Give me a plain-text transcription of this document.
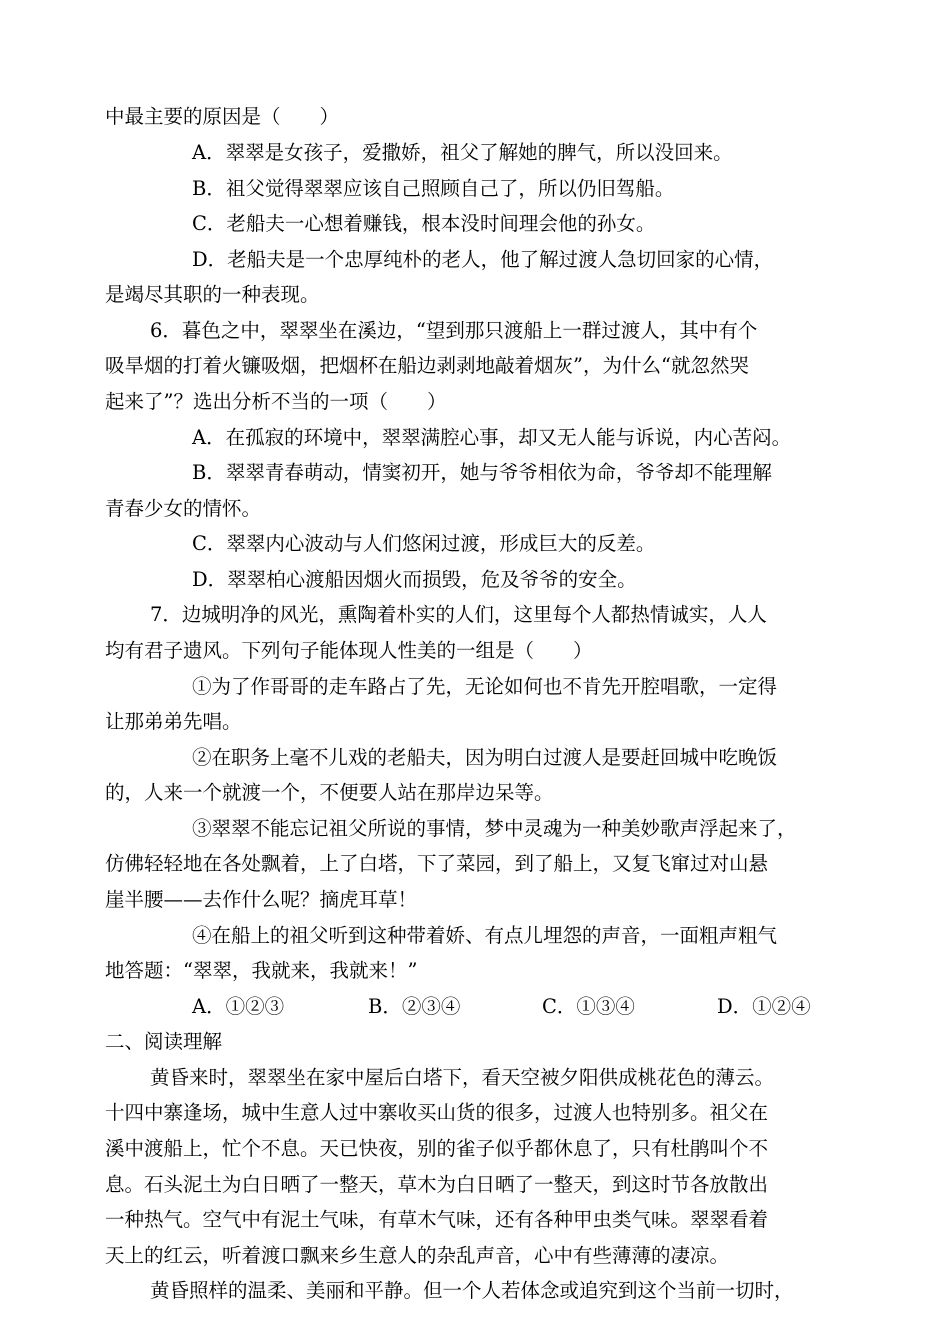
中最主要的原因是（　　）
A．翠翠是女孩子，爱撒娇，祖父了解她的脾气，所以没回来。
B．祖父觉得翠翠应该自己照顾自己了，所以仍旧驾船。
C．老船夫一心想着赚钱，根本没时间理会他的孙女。
D．老船夫是一个忠厚纯朴的老人，他了解过渡人急切回家的心情，
是竭尽其职的一种表现。
6．暮色之中，翠翠坐在溪边，“望到那只渡船上一群过渡人，其中有个
吸旱烟的打着火镰吸烟，把烟杯在船边剥剥地敲着烟灰”，为什么“就忽然哭
起来了”？选出分析不当的一项（　　）
A．在孤寂的环境中，翠翠满腔心事，却又无人能与诉说，内心苦闷。
B．翠翠青春萌动，情窦初开，她与爷爷相依为命，爷爷却不能理解
青春少女的情怀。
C．翠翠内心波动与人们悠闲过渡，形成巨大的反差。
D．翠翠柏心渡船因烟火而损毁，危及爷爷的安全。
7．边城明净的风光，熏陶着朴实的人们，这里每个人都热情诚实，人人
均有君子遗风。下列句子能体现人性美的一组是（　　）
①为了作哥哥的走车路占了先，无论如何也不肯先开腔唱歌，一定得
让那弟弟先唱。
②在职务上毫不儿戏的老船夫，因为明白过渡人是要赶回城中吃晚饭
的，人来一个就渡一个，不便要人站在那岸边呆等。
③翠翠不能忘记祖父所说的事情，梦中灵魂为一种美妙歌声浮起来了，
仿佛轻轻地在各处飘着，上了白塔，下了菜园，到了船上，又复飞窜过对山悬
崖半腰——去作什么呢？摘虎耳草！
④在船上的祖父听到这种带着娇、有点儿埋怨的声音，一面粗声粗气
地答题：“翠翠，我就来，我就来！”
A．①②③	B．②③④	C．①③④	D．①②④
二、阅读理解
黄昏来时，翠翠坐在家中屋后白塔下，看天空被夕阳供成桃花色的薄云。
十四中寨逢场，城中生意人过中寨收买山货的很多，过渡人也特别多。祖父在
溪中渡船上，忙个不息。天已快夜，别的雀子似乎都休息了，只有杜鹃叫个不
息。石头泥土为白日晒了一整天，草木为白日晒了一整天，到这时节各放散出
一种热气。空气中有泥土气味，有草木气味，还有各种甲虫类气味。翠翠看着
天上的红云，听着渡口飘来乡生意人的杂乱声音，心中有些薄薄的凄凉。
黄昏照样的温柔、美丽和平静。但一个人若体念或追究到这个当前一切时，
